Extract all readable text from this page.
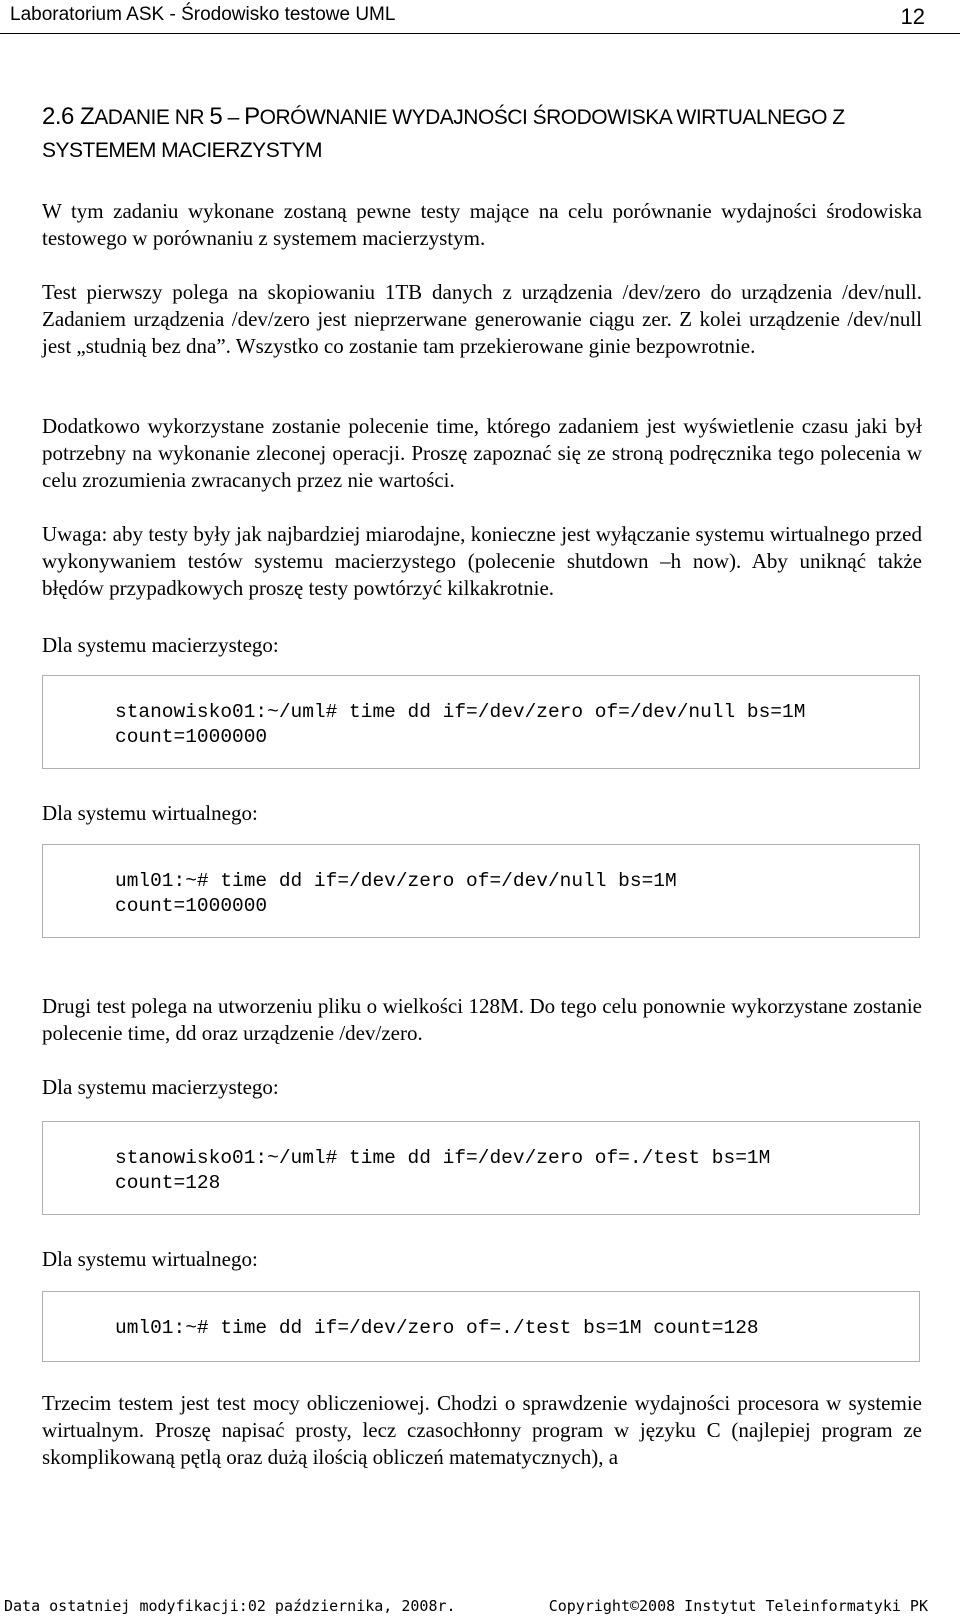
Laboratorium ASK - Środowisko testowe UML	12
2.6 ZADANIE NR 5 – PORÓWNANIE WYDAJNOŚCI ŚRODOWISKA WIRTUALNEGO Z SYSTEMEM MACIERZYSTYM

W tym zadaniu wykonane zostaną pewne testy mające na celu porównanie wydajności środowiska testowego w porównaniu z systemem macierzystym.

Test pierwszy polega na skopiowaniu 1TB danych z urządzenia /dev/zero do urządzenia /dev/null. Zadaniem urządzenia /dev/zero jest nieprzerwane generowanie ciągu zer. Z kolei urządzenie /dev/null jest „studnią bez dna”. Wszystko co zostanie tam przekierowane ginie bezpowrotnie.

Dodatkowo wykorzystane zostanie polecenie time, którego zadaniem jest wyświetlenie czasu jaki był potrzebny na wykonanie zleconej operacji. Proszę zapoznać się ze stroną podręcznika tego polecenia w celu zrozumienia zwracanych przez nie wartości.

Uwaga: aby testy były jak najbardziej miarodajne, konieczne jest wyłączanie systemu wirtualnego przed wykonywaniem testów systemu macierzystego (polecenie shutdown –h now). Aby uniknąć także błędów przypadkowych proszę testy powtórzyć kilkakrotnie.

Dla systemu macierzystego:

stanowisko01:~/uml# time dd if=/dev/zero of=/dev/null bs=1M
count=1000000

Dla systemu wirtualnego:

uml01:~# time dd if=/dev/zero of=/dev/null bs=1M
count=1000000

Drugi test polega na utworzeniu pliku o wielkości 128M. Do tego celu ponownie wykorzystane zostanie polecenie time, dd oraz urządzenie /dev/zero.

Dla systemu macierzystego:

stanowisko01:~/uml# time dd if=/dev/zero of=./test bs=1M
count=128

Dla systemu wirtualnego:

uml01:~# time dd if=/dev/zero of=./test bs=1M count=128

Trzecim testem jest test mocy obliczeniowej. Chodzi o sprawdzenie wydajności procesora w systemie wirtualnym. Proszę napisać prosty, lecz czasochłonny program w języku C (najlepiej program ze skomplikowaną pętlą oraz dużą ilością obliczeń matematycznych), a

Data ostatniej modyfikacji:02 października, 2008r.	Copyright©2008 Instytut Teleinformatyki PK
